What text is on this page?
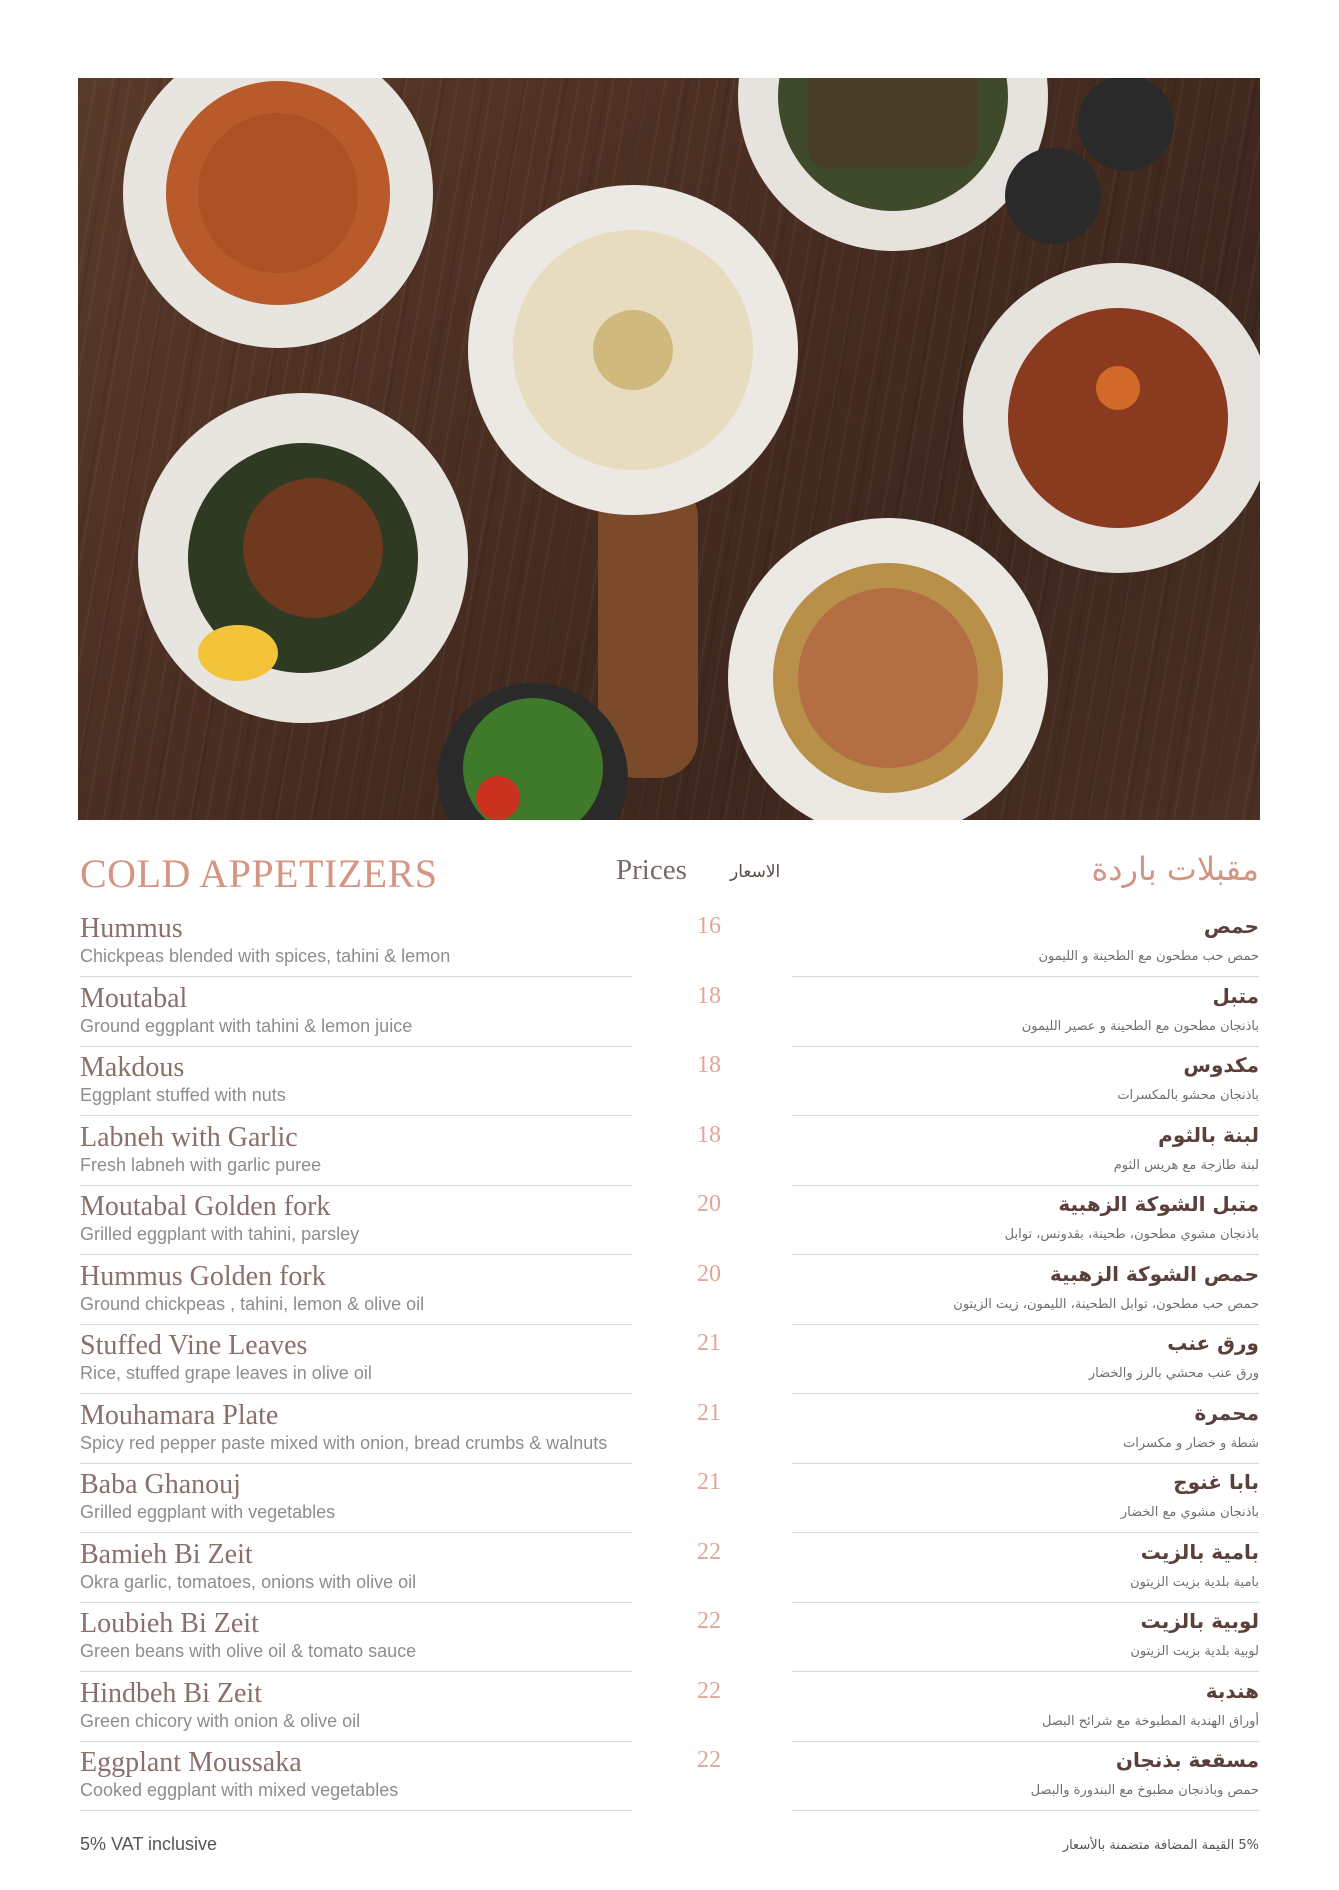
COLD APPETIZERS	Prices	الاسعار	مقبلات باردة
Hummus
Chickpeas blended with spices, tahini & lemon
16	حمص
حمص حب مطحون مع الطحينة و الليمون
Moutabal
Ground eggplant with tahini & lemon juice
18	متبل
باذنجان مطحون مع الطحينة و عصير الليمون
Makdous
Eggplant stuffed with nuts
18	مكدوس
باذنجان محشو بالمكسرات
Labneh with Garlic
Fresh labneh with garlic puree
18	لبنة بالثوم
لبنة طازجة مع هريس الثوم
Moutabal Golden fork
Grilled eggplant with tahini, parsley
20	متبل الشوكة الزهبية
باذنجان مشوي مطحون، طحينة، بقدونس، توابل
Hummus Golden fork
Ground chickpeas , tahini, lemon & olive oil
20	حمص الشوكة الزهبية
حمص حب مطحون، توابل الطحينة، الليمون، زيت الزيتون
Stuffed Vine Leaves
Rice, stuffed grape leaves in olive oil
21	ورق عنب
ورق عنب محشي بالرز والخضار
Mouhamara Plate
Spicy red pepper paste mixed with onion, bread crumbs & walnuts
21	محمرة
شطة و خضار و مكسرات
Baba Ghanouj
Grilled eggplant with vegetables
21	بابا غنوج
باذنجان مشوي مع الخضار
Bamieh Bi Zeit
Okra garlic, tomatoes, onions with olive oil
22	بامية بالزيت
بامية بلدية بزيت الزيتون
Loubieh Bi Zeit
Green beans with olive oil & tomato sauce
22	لوبية بالزيت
لوبية بلدية بزيت الزيتون
Hindbeh Bi Zeit
Green chicory with onion & olive oil
22	هندبة
أوراق الهندبة المطبوخة مع شرائح البصل
Eggplant Moussaka
Cooked eggplant with mixed vegetables
22	مسقعة بذنجان
حمص وباذنجان مطبوخ مع البندورة والبصل
5% VAT inclusive	5% القيمة المضافة متضمنة بالأسعار
